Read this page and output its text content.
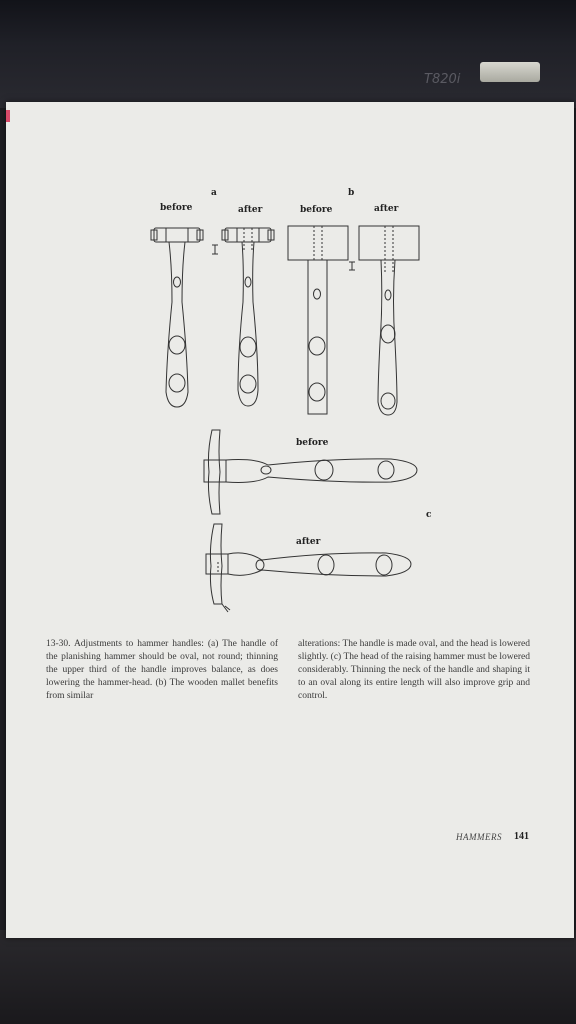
T820i
a	b
before	after	before	after
before
after
c
13-30. Adjustments to hammer handles: (a) The handle of the planishing hammer should be oval, not round; thinning the upper third of the handle improves balance, as does lowering the hammer-head. (b) The wooden mallet benefits from similar
alterations: The handle is made oval, and the head is lowered slightly. (c) The head of the raising hammer must be lowered considerably. Thinning the neck of the handle and shaping it to an oval along its entire length will also improve grip and control.
HAMMERS 141
